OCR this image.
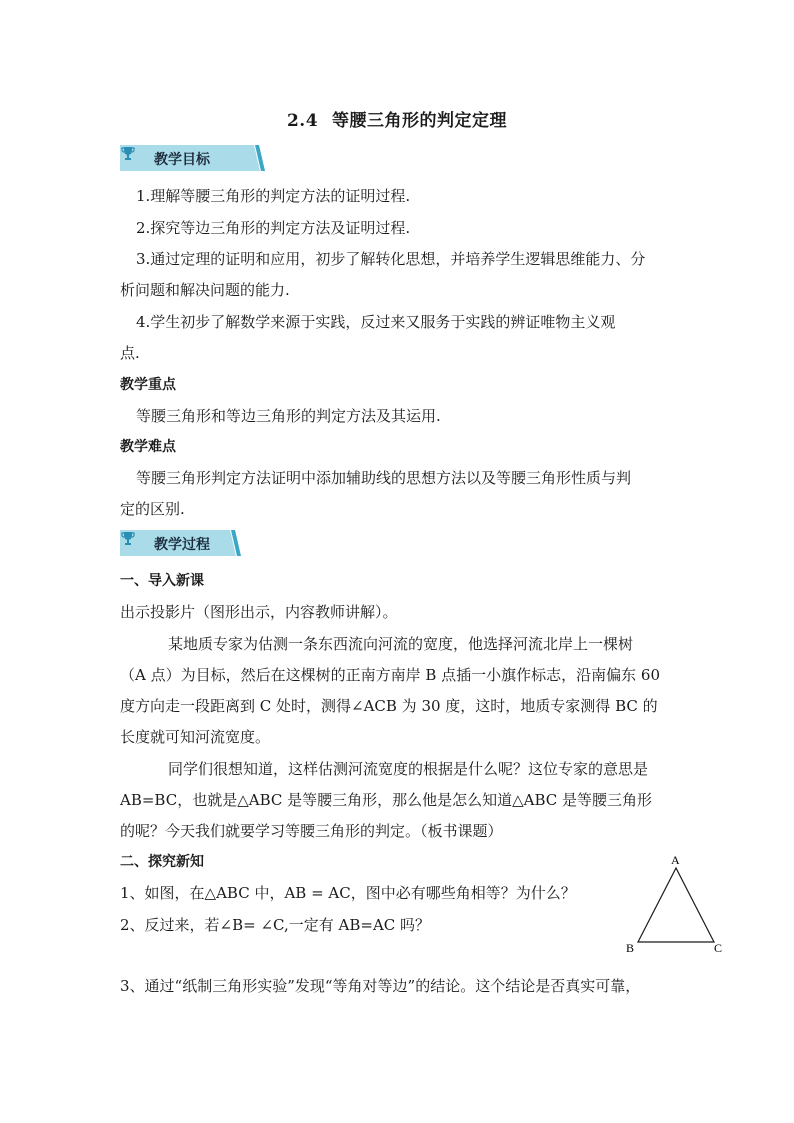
2.4 等腰三角形的判定定理
教学目标
1.理解等腰三角形的判定方法的证明过程.
2.探究等边三角形的判定方法及证明过程.
3.通过定理的证明和应用，初步了解转化思想，并培养学生逻辑思维能力、分
析问题和解决问题的能力.
4.学生初步了解数学来源于实践，反过来又服务于实践的辨证唯物主义观
点.
教学重点
等腰三角形和等边三角形的判定方法及其运用.
教学难点
等腰三角形判定方法证明中添加辅助线的思想方法以及等腰三角形性质与判
定的区别.
教学过程
一、导入新课
出示投影片（图形出示，内容教师讲解）。
某地质专家为估测一条东西流向河流的宽度，他选择河流北岸上一棵树
（A 点）为目标，然后在这棵树的正南方南岸 B 点插一小旗作标志，沿南偏东 60
度方向走一段距离到 C 处时，测得∠ACB 为 30 度，这时，地质专家测得 BC 的
长度就可知河流宽度。
同学们很想知道，这样估测河流宽度的根据是什么呢？这位专家的意思是
AB=BC，也就是△ABC 是等腰三角形，那么他是怎么知道△ABC 是等腰三角形
的呢？今天我们就要学习等腰三角形的判定。（板书课题）
二、探究新知
1、如图，在△ABC 中，AB = AC，图中必有哪些角相等？为什么？
2、反过来，若∠B= ∠C,一定有 AB=AC 吗？
3、通过“纸制三角形实验”发现“等角对等边”的结论。这个结论是否真实可靠，
A
B	C
